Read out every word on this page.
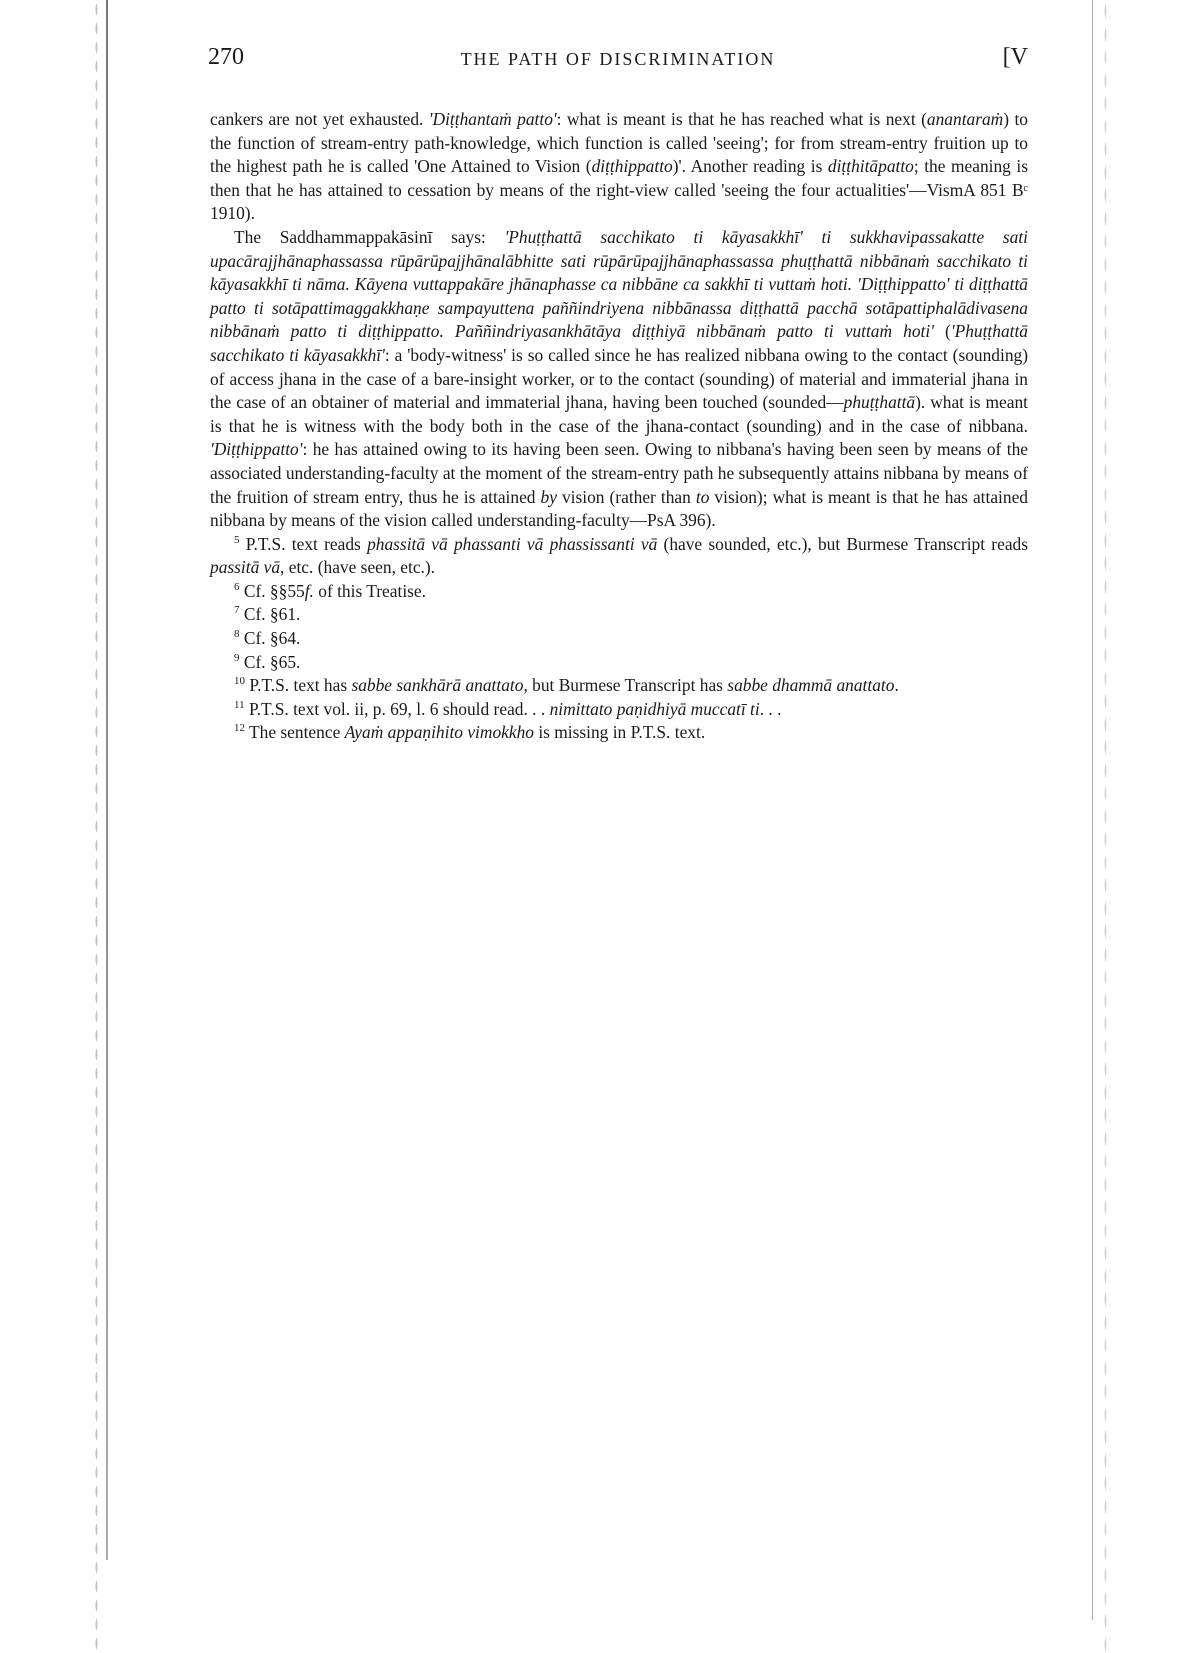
270	THE PATH OF DISCRIMINATION	[V

cankers are not yet exhausted. 'Diṭṭhantaṁ patto': what is meant is that he has reached what is next (anantaraṁ) to the function of stream-entry path-knowledge, which function is called 'seeing'; for from stream-entry fruition up to the highest path he is called 'One Attained to Vision (diṭṭhippatto)'. Another reading is diṭṭhitāpatto; the meaning is then that he has attained to cessation by means of the right-view called 'seeing the four actualities'—VismA 851 Bᶜ 1910).

The Saddhammappakāsinī says: 'Phuṭṭhattā sacchikato ti kāyasakkhī' ti sukkhavipassakatte sati upacārajjhānaphassassa rūpārūpajjhānalābhitte sati rūpārūpajjhānaphassassa phuṭṭhattā nibbānaṁ sacchikato ti kāyasakkhī ti nāma. Kāyena vuttappakāre jhānaphasse ca nibbāne ca sakkhī ti vuttaṁ hoti. 'Diṭṭhippatto' ti diṭṭhattā patto ti sotāpattimaggakkhaṇe sampayuttena paññindriyena nibbānassa diṭṭhattā pacchā sotāpattiphalādivasena nibbānaṁ patto ti diṭṭhippatto. Paññindriyasankhātāya diṭṭhiyā nibbānaṁ patto ti vuttaṁ hoti' ('Phuṭṭhattā sacchikato ti kāyasakkhī': a 'body-witness' is so called since he has realized nibbana owing to the contact (sounding) of access jhana in the case of a bare-insight worker, or to the contact (sounding) of material and immaterial jhana in the case of an obtainer of material and immaterial jhana, having been touched (sounded—phuṭṭhattā). what is meant is that he is witness with the body both in the case of the jhana-contact (sounding) and in the case of nibbana. 'Diṭṭhippatto': he has attained owing to its having been seen. Owing to nibbana's having been seen by means of the associated understanding-faculty at the moment of the stream-entry path he subsequently attains nibbana by means of the fruition of stream entry, thus he is attained by vision (rather than to vision); what is meant is that he has attained nibbana by means of the vision called understanding-faculty—PsA 396).

$^5$ P.T.S. text reads phassitā vā phassanti vā phassissanti vā (have sounded, etc.), but Burmese Transcript reads passitā vā, etc. (have seen, etc.).

$^6$ Cf. §§55f. of this Treatise.

$^7$ Cf. §61.

$^8$ Cf. §64.

$^9$ Cf. §65.

$^{10}$ P.T.S. text has sabbe sankhārā anattato, but Burmese Transcript has sabbe dhammā anattato.

$^{11}$ P.T.S. text vol. ii, p. 69, l. 6 should read. . . nimittato paṇidhiyā muccatī ti. . .

$^{12}$ The sentence Ayaṁ appaṇihito vimokkho is missing in P.T.S. text.
